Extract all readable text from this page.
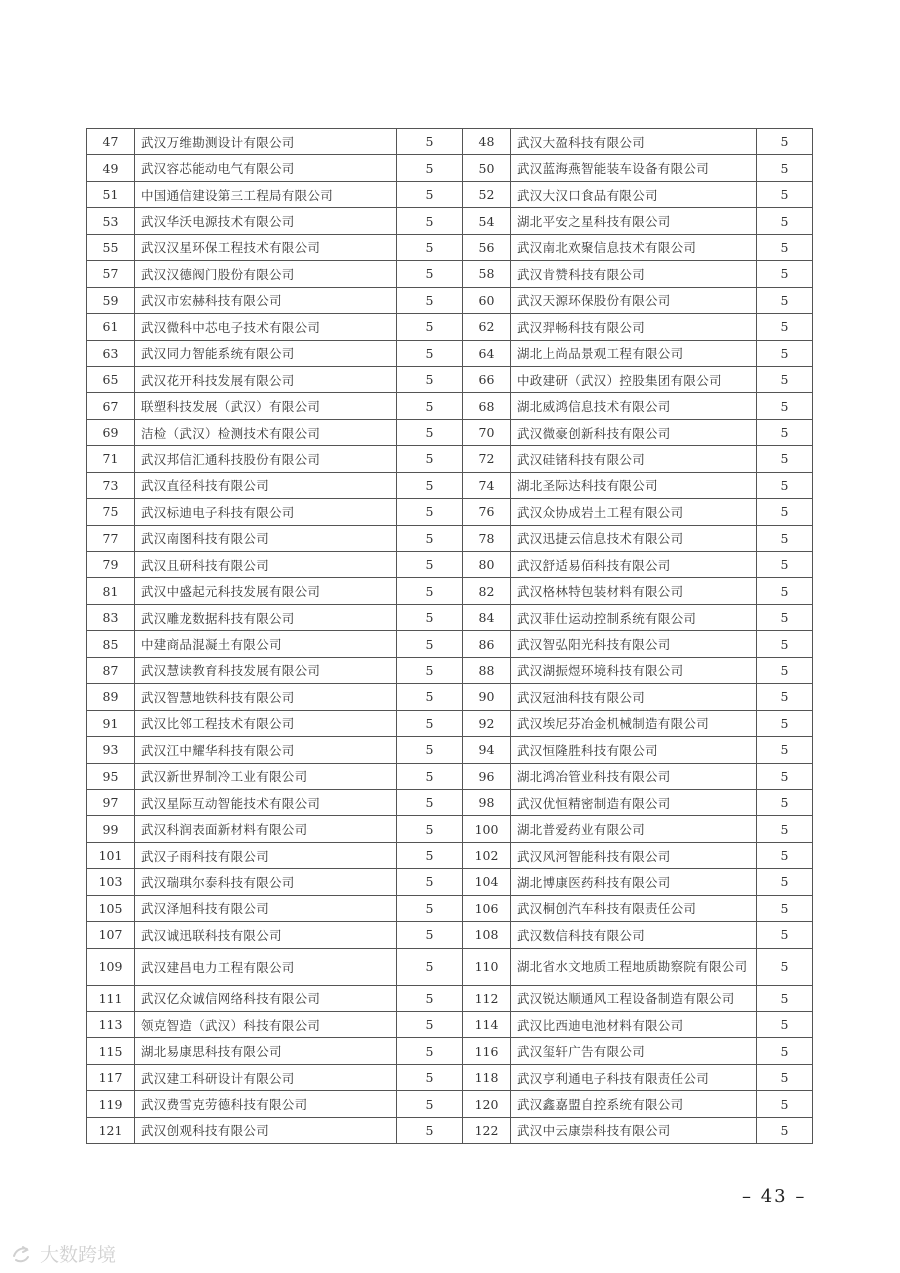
47	武汉万维勘测设计有限公司	5	48	武汉大盈科技有限公司	5
49	武汉容芯能动电气有限公司	5	50	武汉蓝海燕智能装车设备有限公司	5
51	中国通信建设第三工程局有限公司	5	52	武汉大汉口食品有限公司	5
53	武汉华沃电源技术有限公司	5	54	湖北平安之星科技有限公司	5
55	武汉汉星环保工程技术有限公司	5	56	武汉南北欢聚信息技术有限公司	5
57	武汉汉德阀门股份有限公司	5	58	武汉肯赞科技有限公司	5
59	武汉市宏赫科技有限公司	5	60	武汉天源环保股份有限公司	5
61	武汉微科中芯电子技术有限公司	5	62	武汉羿畅科技有限公司	5
63	武汉同力智能系统有限公司	5	64	湖北上尚品景观工程有限公司	5
65	武汉花开科技发展有限公司	5	66	中政建研（武汉）控股集团有限公司	5
67	联塑科技发展（武汉）有限公司	5	68	湖北威鸿信息技术有限公司	5
69	洁检（武汉）检测技术有限公司	5	70	武汉微豪创新科技有限公司	5
71	武汉邦信汇通科技股份有限公司	5	72	武汉硅锗科技有限公司	5
73	武汉直径科技有限公司	5	74	湖北圣际达科技有限公司	5
75	武汉标迪电子科技有限公司	5	76	武汉众协成岩土工程有限公司	5
77	武汉南图科技有限公司	5	78	武汉迅捷云信息技术有限公司	5
79	武汉且研科技有限公司	5	80	武汉舒适易佰科技有限公司	5
81	武汉中盛起元科技发展有限公司	5	82	武汉格林特包装材料有限公司	5
83	武汉雕龙数据科技有限公司	5	84	武汉菲仕运动控制系统有限公司	5
85	中建商品混凝土有限公司	5	86	武汉智弘阳光科技有限公司	5
87	武汉慧读教育科技发展有限公司	5	88	武汉湖振煜环境科技有限公司	5
89	武汉智慧地铁科技有限公司	5	90	武汉冠油科技有限公司	5
91	武汉比邻工程技术有限公司	5	92	武汉埃尼芬冶金机械制造有限公司	5
93	武汉江中耀华科技有限公司	5	94	武汉恒隆胜科技有限公司	5
95	武汉新世界制冷工业有限公司	5	96	湖北鸿冶管业科技有限公司	5
97	武汉星际互动智能技术有限公司	5	98	武汉优恒精密制造有限公司	5
99	武汉科润表面新材料有限公司	5	100	湖北普爱药业有限公司	5
101	武汉子雨科技有限公司	5	102	武汉风河智能科技有限公司	5
103	武汉瑞琪尔泰科技有限公司	5	104	湖北博康医药科技有限公司	5
105	武汉泽旭科技有限公司	5	106	武汉桐创汽车科技有限责任公司	5
107	武汉诚迅联科技有限公司	5	108	武汉数信科技有限公司	5
109	武汉建昌电力工程有限公司	5	110	湖北省水文地质工程地质勘察院有限公司	5
111	武汉亿众诚信网络科技有限公司	5	112	武汉锐达顺通风工程设备制造有限公司	5
113	领克智造（武汉）科技有限公司	5	114	武汉比西迪电池材料有限公司	5
115	湖北易康思科技有限公司	5	116	武汉玺轩广告有限公司	5
117	武汉建工科研设计有限公司	5	118	武汉亨利通电子科技有限责任公司	5
119	武汉费雪克劳德科技有限公司	5	120	武汉鑫嘉盟自控系统有限公司	5
121	武汉创观科技有限公司	5	122	武汉中云康崇科技有限公司	5
– 43 –
大数跨境
